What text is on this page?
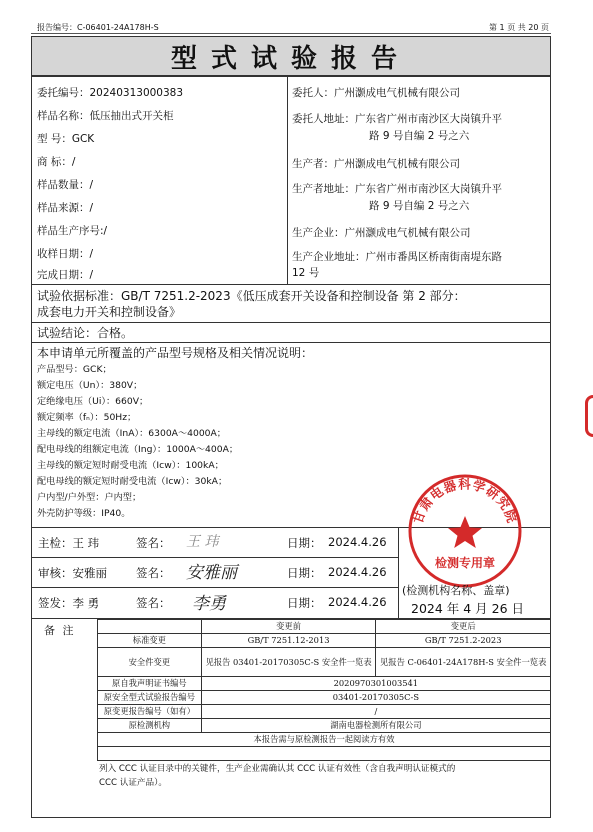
报告编号：C-06401-24A178H-S	第 1 页 共 20 页
型式试验报告
委托编号：20240313000383
样品名称：低压抽出式开关柜
型 号：GCK
商 标：/
样品数量：/
样品来源：/
样品生产序号:/
收样日期：/
完成日期：/
委托人：广州灏成电气机械有限公司
委托人地址：广东省广州市南沙区大岗镇升平
路 9 号自编 2 号之六
生产者：广州灏成电气机械有限公司
生产者地址：广东省广州市南沙区大岗镇升平
路 9 号自编 2 号之六
生产企业：广州灏成电气机械有限公司
生产企业地址：广州市番禺区桥南街南堤东路
12 号
试验依据标准：GB/T 7251.2-2023《低压成套开关设备和控制设备 第 2 部分：
成套电力开关和控制设备》
试验结论：合格。
本申请单元所覆盖的产品型号规格及相关情况说明：
产品型号：GCK；
额定电压（Un）：380V；
定绝缘电压（Ui）：660V；
额定频率（fₙ）：50Hz；
主母线的额定电流（InA）：6300A～4000A；
配电母线的组额定电流（Ing）：1000A～400A；
主母线的额定短时耐受电流（Icw）：100kA；
配电母线的额定短时耐受电流（Icw）：30kA；
户内型/户外型：户内型；
外壳防护等级：IP40。
主检：王 玮	签名： 王 玮	日期： 2024.4.26
审核：安雅丽	签名： 安雅丽	日期： 2024.4.26
签发：李 勇	签名： 李勇	日期： 2024.4.26
甘肃电器科学研究院
检测专用章
(检测机构名称、盖章)
2024 年 4 月 26 日
备 注
		变更前	变更后
标准变更	GB/T 7251.12-2013	GB/T 7251.2-2023
安全件变更	见报告 03401-20170305C-S 安全件一览表	见报告 C-06401-24A178H-S 安全件一览表
原自我声明证书编号	2020970301003541	
原安全型式试验报告编号	03401-20170305C-S	
原变更报告编号（如有）	/	
原检测机构	湖南电器检测所有限公司	
本报告需与原检测报告一起阅读方有效		
列入 CCC 认证目录中的关键件，生产企业需确认其 CCC 认证有效性（含自我声明认证模式的
CCC 认证产品）。
